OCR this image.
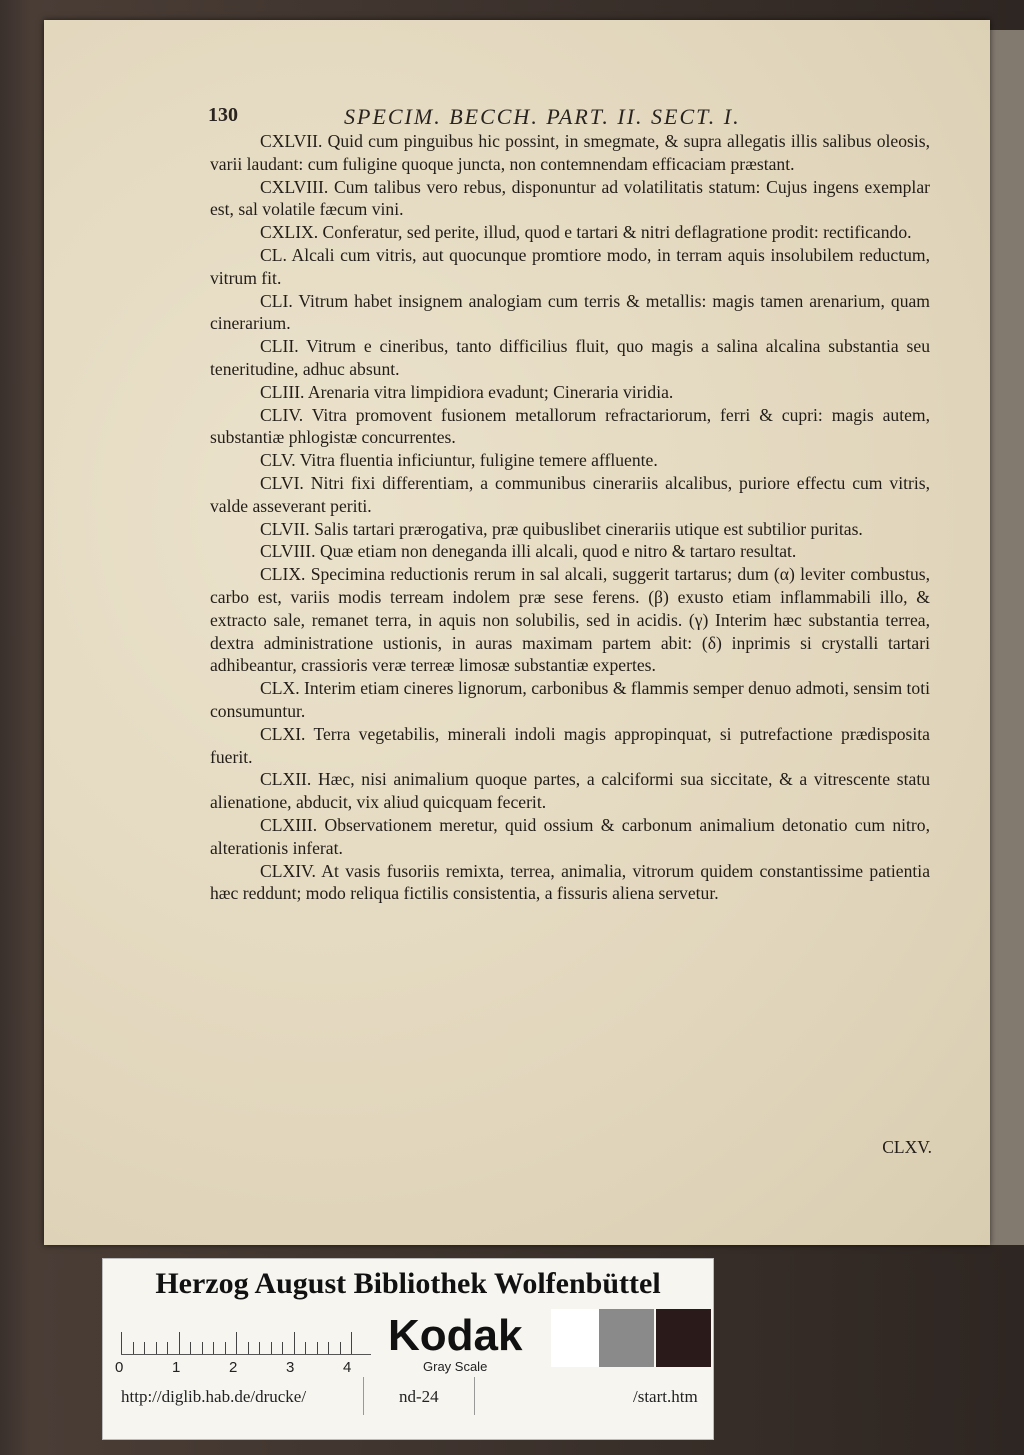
130	SPECIM. BECCH. PART. II. SECT. I.

CXLVII. Quid cum pinguibus hic possint, in smegmate, & supra allegatis illis salibus oleosis, varii laudant: cum fuligine quoque juncta, non contemnendam efficaciam præstant.

CXLVIII. Cum talibus vero rebus, disponuntur ad volatilitatis statum: Cujus ingens exemplar est, sal volatile fæcum vini.

CXLIX. Conferatur, sed perite, illud, quod e tartari & nitri deflagratione prodit: rectificando.

CL. Alcali cum vitris, aut quocunque promtiore modo, in terram aquis insolubilem reductum, vitrum fit.

CLI. Vitrum habet insignem analogiam cum terris & metallis: magis tamen arenarium, quam cinerarium.

CLII. Vitrum e cineribus, tanto difficilius fluit, quo magis a salina alcalina substantia seu teneritudine, adhuc absunt.

CLIII. Arenaria vitra limpidiora evadunt; Cineraria viridia.

CLIV. Vitra promovent fusionem metallorum refractariorum, ferri & cupri: magis autem, substantiæ phlogistæ concurrentes.

CLV. Vitra fluentia inficiuntur, fuligine temere affluente.

CLVI. Nitri fixi differentiam, a communibus cinerariis alcalibus, puriore effectu cum vitris, valde asseverant periti.

CLVII. Salis tartari prærogativa, præ quibuslibet cinerariis utique est subtilior puritas.

CLVIII. Quæ etiam non deneganda illi alcali, quod e nitro & tartaro resultat.

CLIX. Specimina reductionis rerum in sal alcali, suggerit tartarus; dum (α) leviter combustus, carbo est, variis modis terream indolem præ sese ferens. (β) exusto etiam inflammabili illo, & extracto sale, remanet terra, in aquis non solubilis, sed in acidis. (γ) Interim hæc substantia terrea, dextra administratione ustionis, in auras maximam partem abit: (δ) inprimis si crystalli tartari adhibeantur, crassioris veræ terreæ limosæ substantiæ expertes.

CLX. Interim etiam cineres lignorum, carbonibus & flammis semper denuo admoti, sensim toti consumuntur.

CLXI. Terra vegetabilis, minerali indoli magis appropinquat, si putrefactione prædisposita fuerit.

CLXII. Hæc, nisi animalium quoque partes, a calciformi sua siccitate, & a vitrescente statu alienatione, abducit, vix aliud quicquam fecerit.

CLXIII. Observationem meretur, quid ossium & carbonum animalium detonatio cum nitro, alterationis inferat.

CLXIV. At vasis fusoriis remixta, terrea, animalia, vitrorum quidem constantissime patientia hæc reddunt; modo reliqua fictilis consistentia, a fissuris aliena servetur.

CLXV.
Herzog August Bibliothek Wolfenbüttel
0	1	2	3	4
Kodak
Gray Scale
http://diglib.hab.de/drucke/	nd-24	/start.htm
